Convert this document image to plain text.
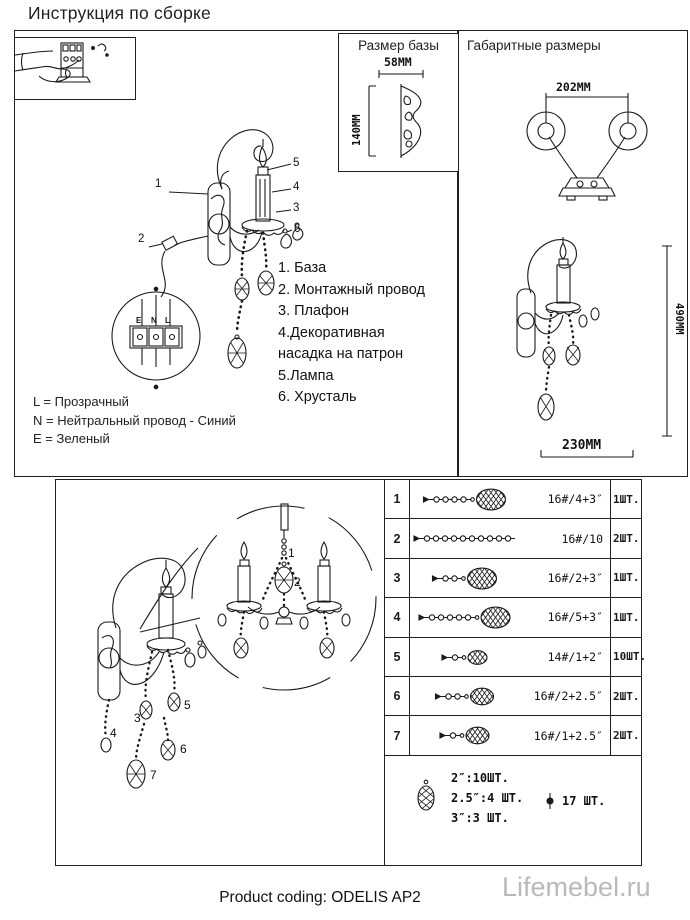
Инструкция по сборке
1
2
3
4
5
6
E N L
1. База
2. Монтажный провод
3. Плафон
4.Декоративная
насадка на патрон
5.Лампа
6. Хрусталь
L = Прозрачный
N = Нейтральный провод - Синий
E = Зеленый
Размер базы
58MM
140MM
Габаритные размеры
202MM
490MM
230MM
1
2
3
4
5
6
7
1	16#/4+3″ 1ШТ.
2	16#/10 2ШТ.
3	16#/2+3″ 1ШТ.
4	16#/5+3″ 1ШТ.
5	14#/1+2″ 10ШТ.
6	16#/2+2.5″ 2ШТ.
7	16#/1+2.5″ 2ШТ.
2″:10ШТ.
2.5″:4 ШТ.
3″:3 ШТ.
17 ШТ.
Product coding: ODELIS AP2	Lifemebel.ru
